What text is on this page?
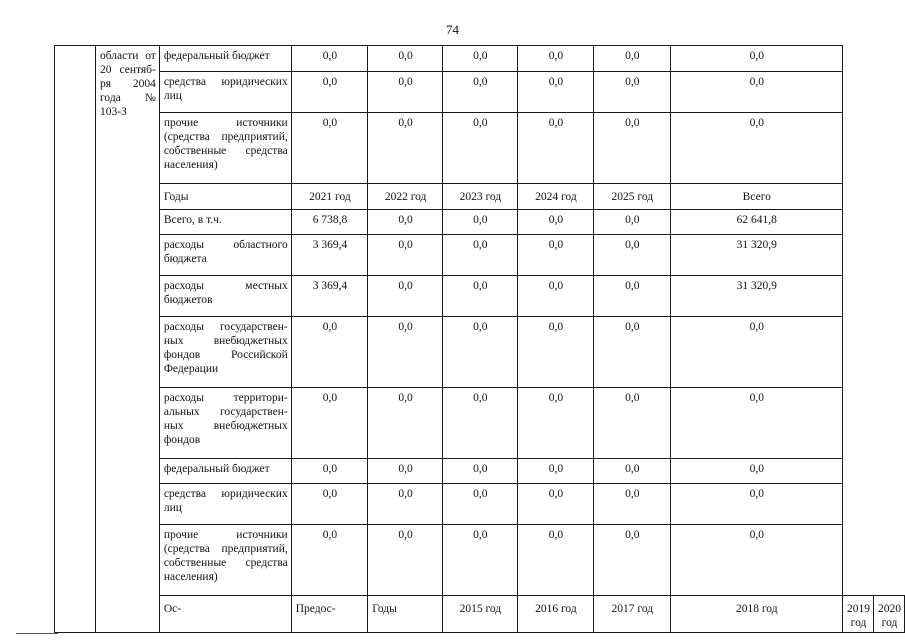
74
	области от 20 сентяб-ря 2004 года № 103-З	федеральный бюджет	0,0	0,0	0,0	0,0	0,0	0,0		
		средства юридических лиц	0,0	0,0	0,0	0,0	0,0	0,0		
		прочие источники (средства предприятий, собственные средства населения)	0,0	0,0	0,0	0,0	0,0	0,0		
		Годы	2021 год	2022 год	2023 год	2024 год	2025 год	Всего		
		Всего, в т.ч.	6 738,8	0,0	0,0	0,0	0,0	62 641,8		
		расходы областного бюджета	3 369,4	0,0	0,0	0,0	0,0	31 320,9		
		расходы местных бюджетов	3 369,4	0,0	0,0	0,0	0,0	31 320,9		
		расходы государствен-ных внебюджетных фондов Российской Федерации	0,0	0,0	0,0	0,0	0,0	0,0		
		расходы территори-альных государствен-ных внебюджетных фондов	0,0	0,0	0,0	0,0	0,0	0,0		
		федеральный бюджет	0,0	0,0	0,0	0,0	0,0	0,0		
		средства юридических лиц	0,0	0,0	0,0	0,0	0,0	0,0		
		прочие источники (средства предприятий, собственные средства населения)	0,0	0,0	0,0	0,0	0,0	0,0		
		Ос-	Предос-	Годы	2015 год	2016 год	2017 год	2018 год	2019 год	2020 год
